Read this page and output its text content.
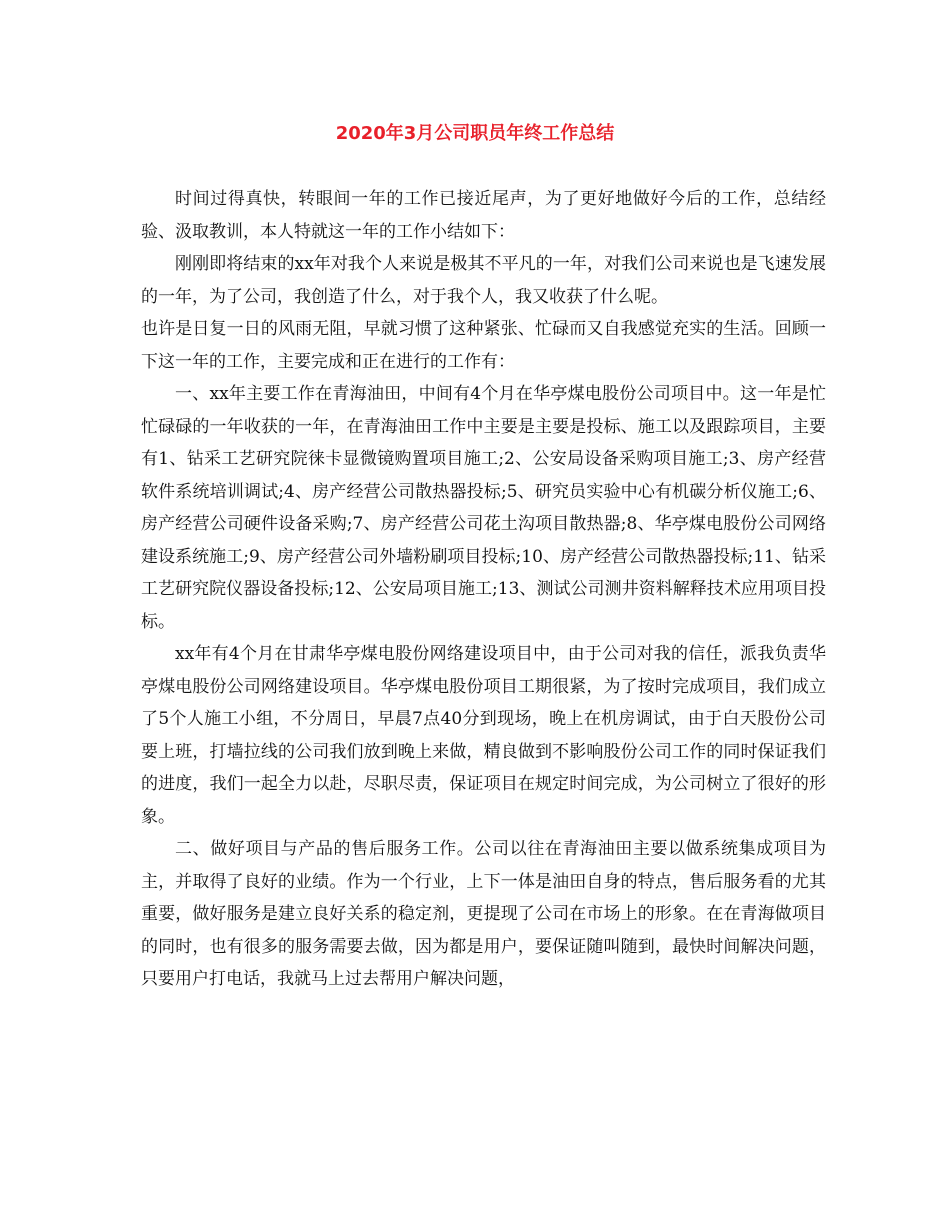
2020年3月公司职员年终工作总结

时间过得真快，转眼间一年的工作已接近尾声，为了更好地做好今后的工作，总结经验、汲取教训，本人特就这一年的工作小结如下：

刚刚即将结束的xx年对我个人来说是极其不平凡的一年，对我们公司来说也是飞速发展的一年，为了公司，我创造了什么，对于我个人，我又收获了什么呢。

也许是日复一日的风雨无阻，早就习惯了这种紧张、忙碌而又自我感觉充实的生活。回顾一下这一年的工作，主要完成和正在进行的工作有：

一、xx年主要工作在青海油田，中间有4个月在华亭煤电股份公司项目中。这一年是忙忙碌碌的一年收获的一年，在青海油田工作中主要是主要是投标、施工以及跟踪项目，主要有1、钻采工艺研究院徕卡显微镜购置项目施工;2、公安局设备采购项目施工;3、房产经营软件系统培训调试;4、房产经营公司散热器投标;5、研究员实验中心有机碳分析仪施工;6、房产经营公司硬件设备采购;7、房产经营公司花土沟项目散热器;8、华亭煤电股份公司网络建设系统施工;9、房产经营公司外墙粉刷项目投标;10、房产经营公司散热器投标;11、钻采工艺研究院仪器设备投标;12、公安局项目施工;13、测试公司测井资料解释技术应用项目投标。

xx年有4个月在甘肃华亭煤电股份网络建设项目中，由于公司对我的信任，派我负责华亭煤电股份公司网络建设项目。华亭煤电股份项目工期很紧，为了按时完成项目，我们成立了5个人施工小组，不分周日，早晨7点40分到现场，晚上在机房调试，由于白天股份公司要上班，打墙拉线的公司我们放到晚上来做，精良做到不影响股份公司工作的同时保证我们的进度，我们一起全力以赴，尽职尽责，保证项目在规定时间完成，为公司树立了很好的形象。

二、做好项目与产品的售后服务工作。公司以往在青海油田主要以做系统集成项目为主，并取得了良好的业绩。作为一个行业，上下一体是油田自身的特点，售后服务看的尤其重要，做好服务是建立良好关系的稳定剂，更提现了公司在市场上的形象。在在青海做项目的同时，也有很多的服务需要去做，因为都是用户，要保证随叫随到，最快时间解决问题，只要用户打电话，我就马上过去帮用户解决问题，
